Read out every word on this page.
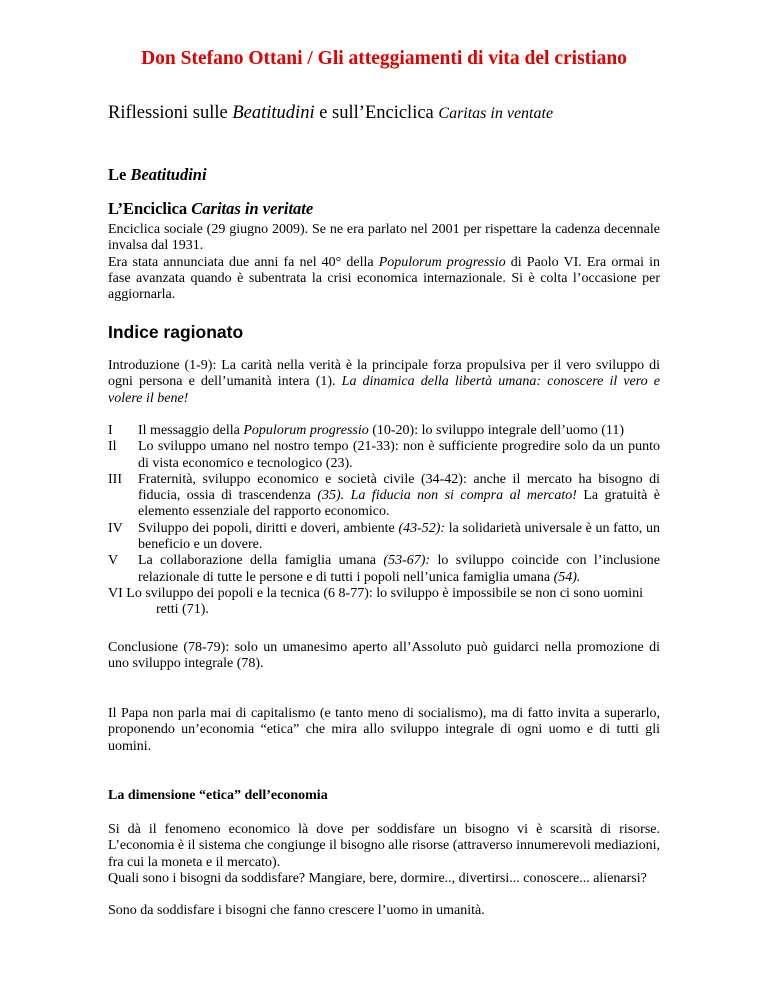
Don Stefano Ottani / Gli atteggiamenti di vita del cristiano
Riflessioni sulle Beatitudini e sull’Enciclica Caritas in ventate
Le Beatitudini
L’Enciclica Caritas in veritate

Enciclica sociale (29 giugno 2009). Se ne era parlato nel 2001 per rispettare la cadenza decennale invalsa dal 1931.

Era stata annunciata due anni fa nel 40° della Populorum progressio di Paolo VI. Era ormai in fase avanzata quando è subentrata la crisi economica internazionale. Si è colta l’occasione per aggiornarla.

Indice ragionato

Introduzione (1-9): La carità nella verità è la principale forza propulsiva per il vero sviluppo di ogni persona e dell’umanità intera (1). La dinamica della libertà umana: conoscere il vero e volere il bene!

I	Il messaggio della Populorum progressio (10-20): lo sviluppo integrale dell’uomo (11)
Il	Lo sviluppo umano nel nostro tempo (21-33): non è sufficiente progredire solo da un punto di vista economico e tecnologico (23).
III	Fraternità, sviluppo economico e società civile (34-42): anche il mercato ha bisogno di fiducia, ossia di trascendenza (35). La fiducia non si compra al mercato! La gratuità è elemento essenziale del rapporto economico.
IV	Sviluppo dei popoli, diritti e doveri, ambiente (43-52): la solidarietà universale è un fatto, un beneficio e un dovere.
V	La collaborazione della famiglia umana (53-67): lo sviluppo coincide con l’inclusione relazionale di tutte le persone e di tutti i popoli nell’unica famiglia umana (54).
VI Lo sviluppo dei popoli e la tecnica (6 8-77): lo sviluppo è impossibile se non ci sono uomini retti (71).
Conclusione (78-79): solo un umanesimo aperto all’Assoluto può guidarci nella promozione di uno sviluppo integrale (78).
Il Papa non parla mai di capitalismo (e tanto meno di socialismo), ma di fatto invita a superarlo, proponendo un’economia “etica” che mira allo sviluppo integrale di ogni uomo e di tutti gli uomini.
La dimensione “etica” dell’economia

Si dà il fenomeno economico là dove per soddisfare un bisogno vi è scarsità di risorse. L’economia è il sistema che congiunge il bisogno alle risorse (attraverso innumerevoli mediazioni, fra cui la moneta e il mercato).

Quali sono i bisogni da soddisfare? Mangiare, bere, dormire.., divertirsi... conoscere... alienarsi?

Sono da soddisfare i bisogni che fanno crescere l’uomo in umanità.
